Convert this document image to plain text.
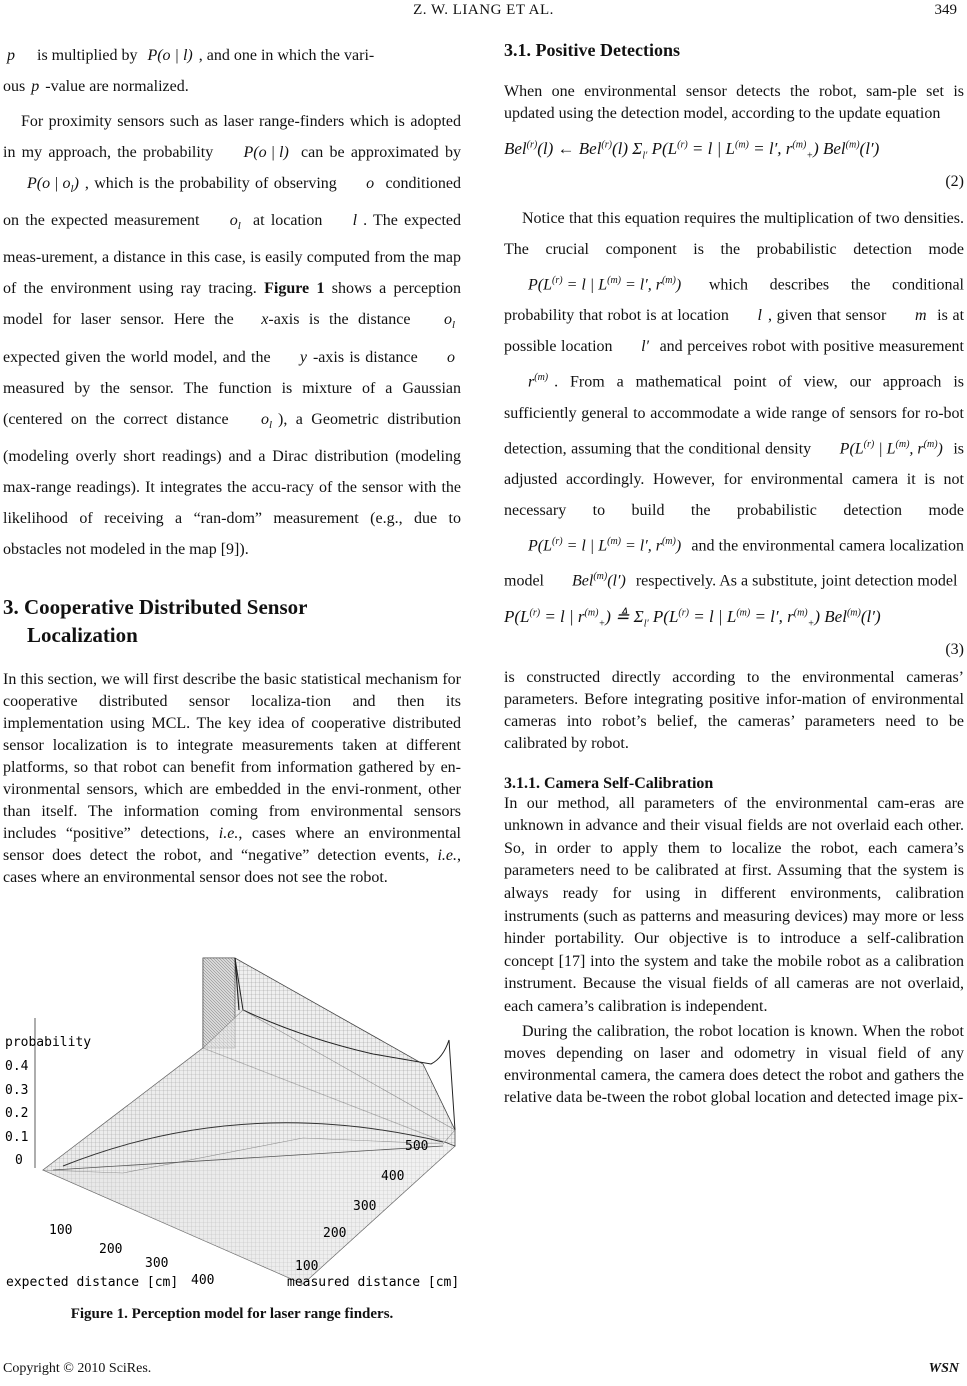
Z. W. LIANG ET AL.	349

p is multiplied by P(o | l) , and one in which the vari-
ous p -value are normalized.

For proximity sensors such as laser range-finders which is adopted in my approach, the probability P(o | l) can be approximated by P(o | $o_l$) , which is the probability of observing o conditioned on the expected measurement $o_l$ at location l . The expected meas-urement, a distance in this case, is easily computed from the map of the environment using ray tracing. Figure 1 shows a perception model for laser sensor. Here the x-axis is the distance $o_l$ expected given the world model, and the y -axis is distance o measured by the sensor. The function is mixture of a Gaussian (centered on the correct distance $o_l$ ), a Geometric distribution (modeling overly short readings) and a Dirac distribution (modeling max-range readings). It integrates the accu-racy of the sensor with the likelihood of receiving a “ran-dom” measurement (e.g., due to obstacles not modeled in the map [9]).

3. Cooperative Distributed Sensor
Localization

In this section, we will first describe the basic statistical mechanism for cooperative distributed sensor localiza-tion and then its implementation using MCL. The key idea of cooperative distributed sensor localization is to integrate measurements taken at different platforms, so that robot can benefit from information gathered by en-vironmental sensors, which are embedded in the envi-ronment, other than itself. The information coming from environmental sensors includes “positive” detections, i.e., cases where an environmental sensor does detect the robot, and “negative” detection events, i.e., cases where an environmental sensor does not see the robot.

probability
0.4
0.3
0.2
0.1
0
100
200
300
400
expected distance [cm]
100
200
300
400
500
measured distance [cm]
Figure 1. Perception model for laser range finders.
3.1. Positive Detections

When one environmental sensor detects the robot, sam-ple set is updated using the detection model, according to the update equation

Bel$^{(r)}$(l) ← Bel$^{(r)}$(l) $\Sigma_{l'}$ $P(L^{(r)} = l$ | $L^{(m)} = l'$, $r^{(m)}_+$) Bel$^{(m)}$(l′)
(2)

Notice that this equation requires the multiplication of two densities. The crucial component is the probabilistic detection mode $P(L^{(r)} = l$ | $L^{(m)} = l'$, $r^{(m)}$) which describes the conditional probability that robot is at location l , given that sensor m is at possible location l′ and perceives robot with positive measurement $r^{(m)}$ . From a mathematical point of view, our approach is sufficiently general to accommodate a wide range of sensors for ro-bot detection, assuming that the conditional density $P(L^{(r)}$ | $L^{(m)}$, $r^{(m)}$) is adjusted accordingly. However, for environmental camera it is not necessary to build the probabilistic detection mode $P(L^{(r)} = l$ | $L^{(m)} = l'$, $r^{(m)}$) and the environmental camera localization model Bel$^{(m)}$(l′) respectively. As a substitute, joint detection model

$P(L^{(r)} = l$ | $r^{(m)}_+$) ≜ $\Sigma_{l'}$ $P(L^{(r)} = l$ | $L^{(m)} = l'$, $r^{(m)}_+$) Bel$^{(m)}$(l′)
(3)

is constructed directly according to the environmental cameras’ parameters. Before integrating positive infor-mation of environmental cameras into robot’s belief, the cameras’ parameters need to be calibrated by robot.

3.1.1. Camera Self-Calibration

In our method, all parameters of the environmental cam-eras are unknown in advance and their visual fields are not overlaid each other. So, in order to apply them to localize the robot, each camera’s parameters need to be calibrated at first. Assuming that the system is always ready for using in different environments, calibration instruments (such as patterns and measuring devices) may more or less hinder portability. Our objective is to introduce a self-calibration concept [17] into the system and take the mobile robot as a calibration instrument. Because the visual fields of all cameras are not overlaid, each camera’s calibration is independent.

During the calibration, the robot location is known. When the robot moves depending on laser and odometry in visual field of any environmental camera, the camera does detect the robot and gathers the relative data be-tween the robot global location and detected image pix-

Copyright © 2010 SciRes.	WSN
